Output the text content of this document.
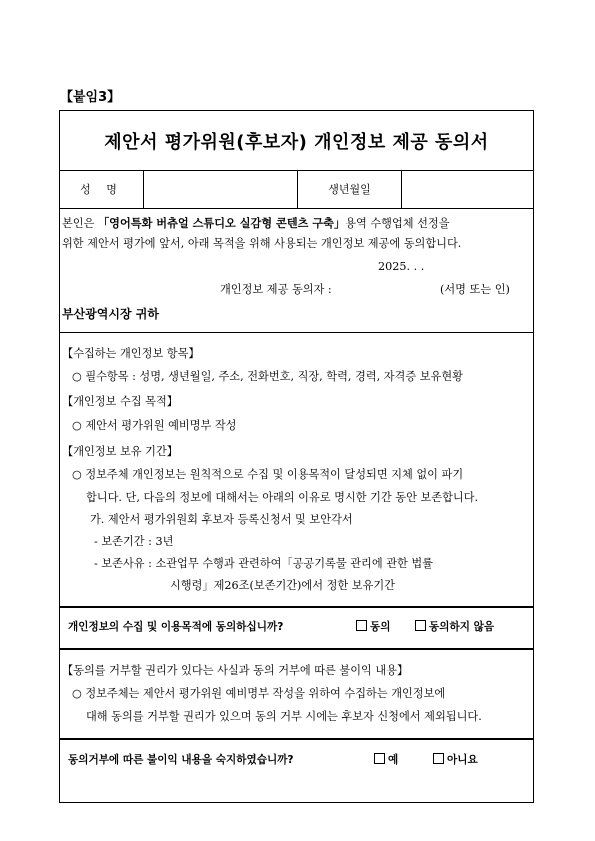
【붙임3】
제안서 평가위원(후보자) 개인정보 제공 동의서
성 명	생년월일
본인은 「영어특화 버츄얼 스튜디오 실감형 콘텐츠 구축」용역 수행업체 선정을
위한 제안서 평가에 앞서, 아래 목적을 위해 사용되는 개인정보 제공에 동의합니다.
2025. . .
개인정보 제공 동의자 :	(서명 또는 인)
부산광역시장 귀하
【수집하는 개인정보 항목】
○ 필수항목 : 성명, 생년월일, 주소, 전화번호, 직장, 학력, 경력, 자격증 보유현황
【개인정보 수집 목적】
○ 제안서 평가위원 예비명부 작성
【개인정보 보유 기간】
○ 정보주체 개인정보는 원칙적으로 수집 및 이용목적이 달성되면 지체 없이 파기
합니다. 단, 다음의 정보에 대해서는 아래의 이유로 명시한 기간 동안 보존합니다.
가. 제안서 평가위원회 후보자 등록신청서 및 보안각서
- 보존기간 : 3년
- 보존사유 : 소관업무 수행과 관련하여「공공기록물 관리에 관한 법률
시행령」제26조(보존기간)에서 정한 보유기간
개인정보의 수집 및 이용목적에 동의하십니까?	동의	동의하지 않음
【동의를 거부할 권리가 있다는 사실과 동의 거부에 따른 불이익 내용】
○ 정보주체는 제안서 평가위원 예비명부 작성을 위하여 수집하는 개인정보에
대해 동의를 거부할 권리가 있으며 동의 거부 시에는 후보자 신청에서 제외됩니다.
동의거부에 따른 불이익 내용을 숙지하였습니까?	예	아니요
